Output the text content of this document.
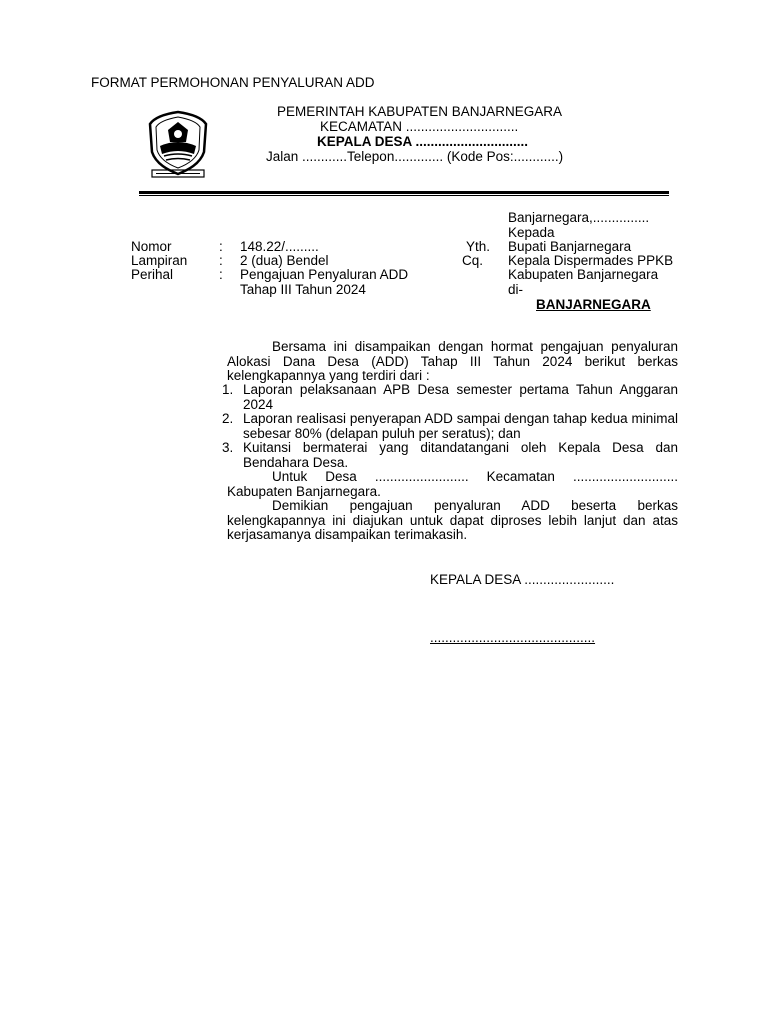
FORMAT PERMOHONAN PENYALURAN ADD
PEMERINTAH KABUPATEN BANJARNEGARA
KECAMATAN ..............................
KEPALA DESA ..............................
Jalan ............Telepon............. (Kode Pos:............)
Banjarnegara,...............
Kepada
Yth. Bupati Banjarnegara
Cq. Kepala Dispermades PPKB
Kabupaten Banjarnegara
di-
BANJARNEGARA
Nomor	: 148.22/.........
Lampiran : 2 (dua) Bendel
Perihal	: Pengajuan Penyaluran ADD
Tahap III Tahun 2024
Bersama ini disampaikan dengan hormat pengajuan penyaluran Alokasi Dana Desa (ADD) Tahap III Tahun 2024 berikut berkas kelengkapannya yang terdiri dari :
1. Laporan pelaksanaan APB Desa semester pertama Tahun Anggaran 2024
2. Laporan realisasi penyerapan ADD sampai dengan tahap kedua minimal sebesar 80% (delapan puluh per seratus); dan
3. Kuitansi bermaterai yang ditandatangani oleh Kepala Desa dan Bendahara Desa.
Untuk Desa ......................... Kecamatan ............................ Kabupaten Banjarnegara.
Demikian pengajuan penyaluran ADD beserta berkas kelengkapannya ini diajukan untuk dapat diproses lebih lanjut dan atas kerjasamanya disampaikan terimakasih.
KEPALA DESA ........................
............................................
